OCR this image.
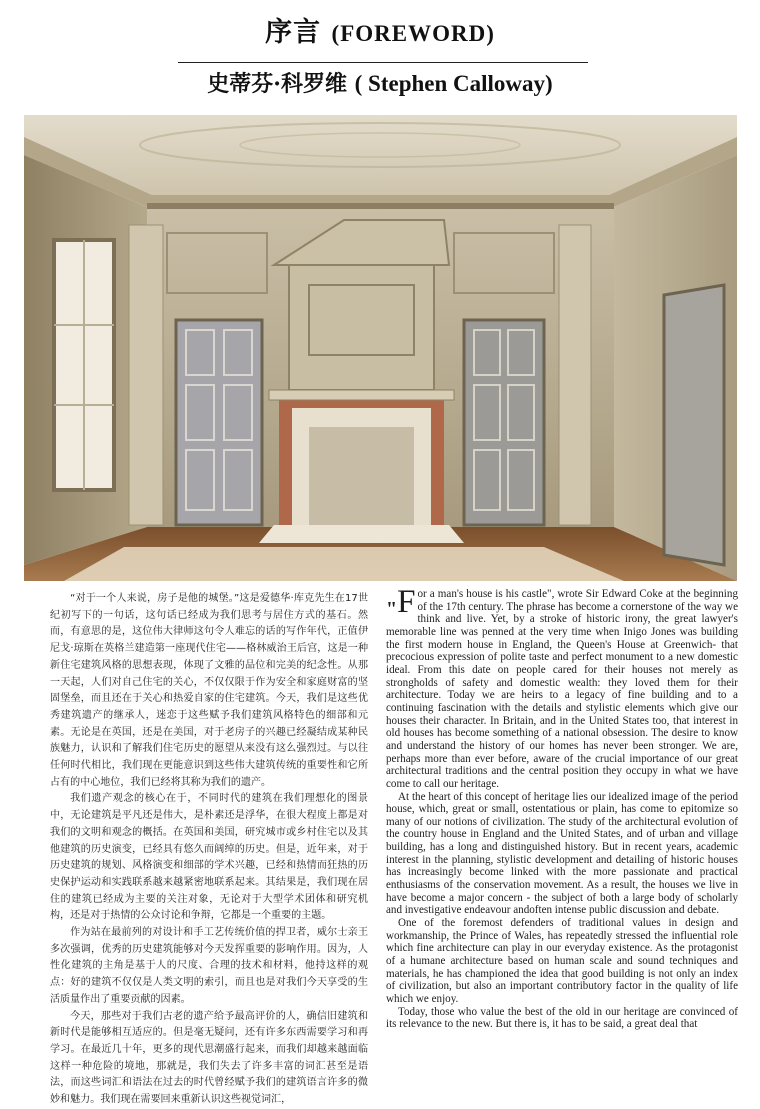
序言 (FOREWORD)
史蒂芬·科罗维 ( Stephen Calloway)

“对于一个人来说，房子是他的城堡。”这是爱德华·库克先生在17世纪初写下的一句话，这句话已经成为我们思考与居住方式的基石。然而，有意思的是，这位伟大律师这句令人难忘的话的写作年代，正值伊尼戈·琼斯在英格兰建造第一座现代住宅——格林威治王后宫，这是一种新住宅建筑风格的思想表现，体现了文雅的品位和完美的纪念性。从那一天起，人们对自己住宅的关心，不仅仅限于作为安全和家庭财富的坚固堡垒，而且还在于关心和热爱自家的住宅建筑。今天，我们是这些优秀建筑遗产的继承人，迷恋于这些赋予我们建筑风格特色的细部和元素。无论是在英国，还是在美国，对于老房子的兴趣已经凝结成某种民族魅力，认识和了解我们住宅历史的愿望从来没有这么强烈过。与以往任何时代相比，我们现在更能意识到这些伟大建筑传统的重要性和它所占有的中心地位，我们已经将其称为我们的遗产。

我们遗产观念的核心在于，不同时代的建筑在我们理想化的图景中，无论建筑是平凡还是伟大，是朴素还是浮华，在很大程度上都是对我们的文明和观念的概括。在英国和美国，研究城市或乡村住宅以及其他建筑的历史演变，已经具有悠久而阔绰的历史。但是，近年来，对于历史建筑的规划、风格演变和细部的学术兴趣，已经和热情而狂热的历史保护运动和实践联系越来越紧密地联系起来。其结果是，我们现在居住的建筑已经成为主要的关注对象，无论对于大型学术团体和研究机构，还是对于热情的公众讨论和争辩，它都是一个重要的主题。

作为站在最前列的对设计和手工艺传统价值的捍卫者，威尔士亲王多次强调，优秀的历史建筑能够对今天发挥重要的影响作用。因为，人性化建筑的主角是基于人的尺度、合理的技术和材料，他持这样的观点：好的建筑不仅仅是人类文明的索引，而且也是对我们今天享受的生活质量作出了重要贡献的因素。

今天，那些对于我们古老的遗产给予最高评价的人，确信旧建筑和新时代是能够相互适应的。但是毫无疑问，还有许多东西需要学习和再学习。在最近几十年，更多的现代思潮盛行起来，而我们却越来越面临这样一种危险的境地，那就是，我们失去了许多丰富的词汇甚至是语法，而这些词汇和语法在过去的时代曾经赋予我们的建筑语言许多的微妙和魅力。我们现在需要回来重新认识这些视觉词汇，

"F or a man's house is his castle", wrote Sir Edward Coke at the beginning of the 17th century. The phrase has become a cornerstone of the way we think and live. Yet, by a stroke of historic irony, the great lawyer's memorable line was penned at the very time when Inigo Jones was building the first modern house in England, the Queen's House at Greenwich- that precocious expression of polite taste and perfect monument to a new domestic ideal. From this date on people cared for their houses not merely as strongholds of safety and domestic wealth: they loved them for their architecture. Today we are heirs to a legacy of fine building and to a continuing fascination with the details and stylistic elements which give our houses their character. In Britain, and in the United States too, that interest in old houses has become something of a national obsession. The desire to know and understand the history of our homes has never been stronger. We are, perhaps more than ever before, aware of the crucial importance of our great architectural traditions and the central position they occupy in what we have come to call our heritage.

At the heart of this concept of heritage lies our idealized image of the period house, which, great or small, ostentatious or plain, has come to epitomize so many of our notions of civilization. The study of the architectural evolution of the country house in England and the United States, and of urban and village building, has a long and distinguished history. But in recent years, academic interest in the planning, stylistic development and detailing of historic houses has increasingly become linked with the more passionate and practical enthusiasms of the conservation movement. As a result, the houses we live in have become a major concern - the subject of both a large body of scholarly and investigative endeavour andoften intense public discussion and debate.

One of the foremost defenders of traditional values in design and workmanship, the Prince of Wales, has repeatedly stressed the influential role which fine architecture can play in our everyday existence. As the protagonist of a humane architecture based on human scale and sound techniques and materials, he has championed the idea that good building is not only an index of civilization, but also an important contributory factor in the quality of life which we enjoy.

Today, those who value the best of the old in our heritage are convinced of its relevance to the new. But there is, it has to be said, a great deal that
